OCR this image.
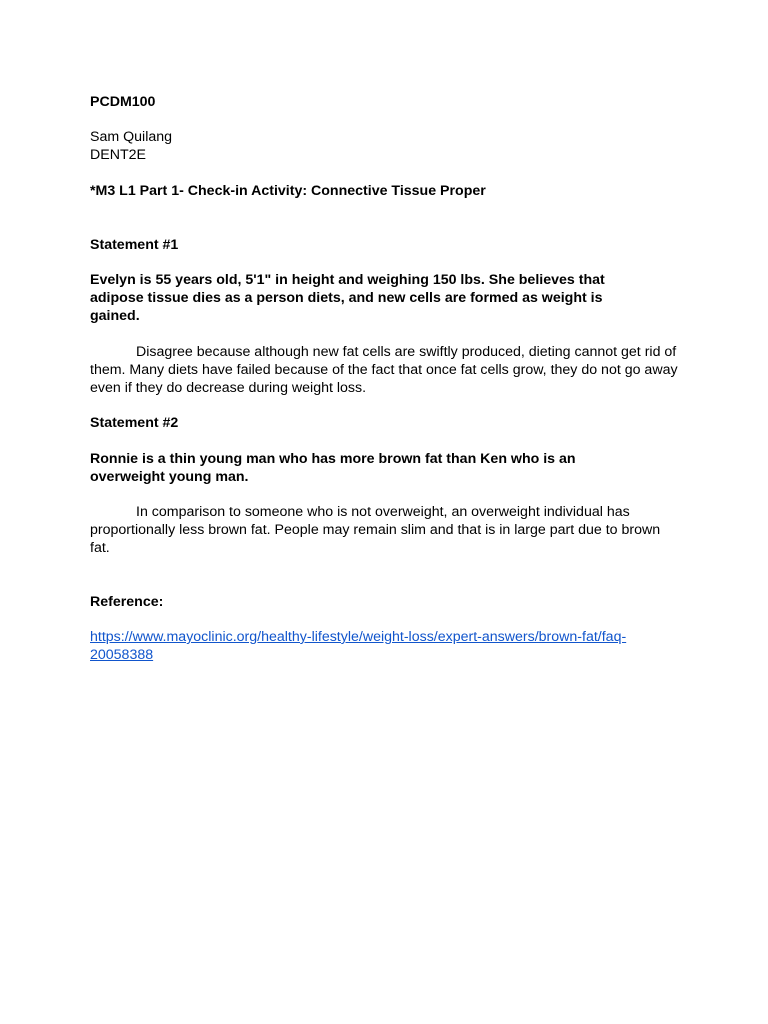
PCDM100

Sam Quilang

DENT2E

*M3 L1 Part 1- Check-in Activity: Connective Tissue Proper

Statement #1

Evelyn is 55 years old, 5'1" in height and weighing 150 lbs. She believes that adipose tissue dies as a person diets, and new cells are formed as weight is gained.

Disagree because although new fat cells are swiftly produced, dieting cannot get rid of them. Many diets have failed because of the fact that once fat cells grow, they do not go away even if they do decrease during weight loss.

Statement #2

Ronnie is a thin young man who has more brown fat than Ken who is an overweight young man.

In comparison to someone who is not overweight, an overweight individual has proportionally less brown fat. People may remain slim and that is in large part due to brown fat.

Reference:

https://www.mayoclinic.org/healthy-lifestyle/weight-loss/expert-answers/brown-fat/faq-
20058388
